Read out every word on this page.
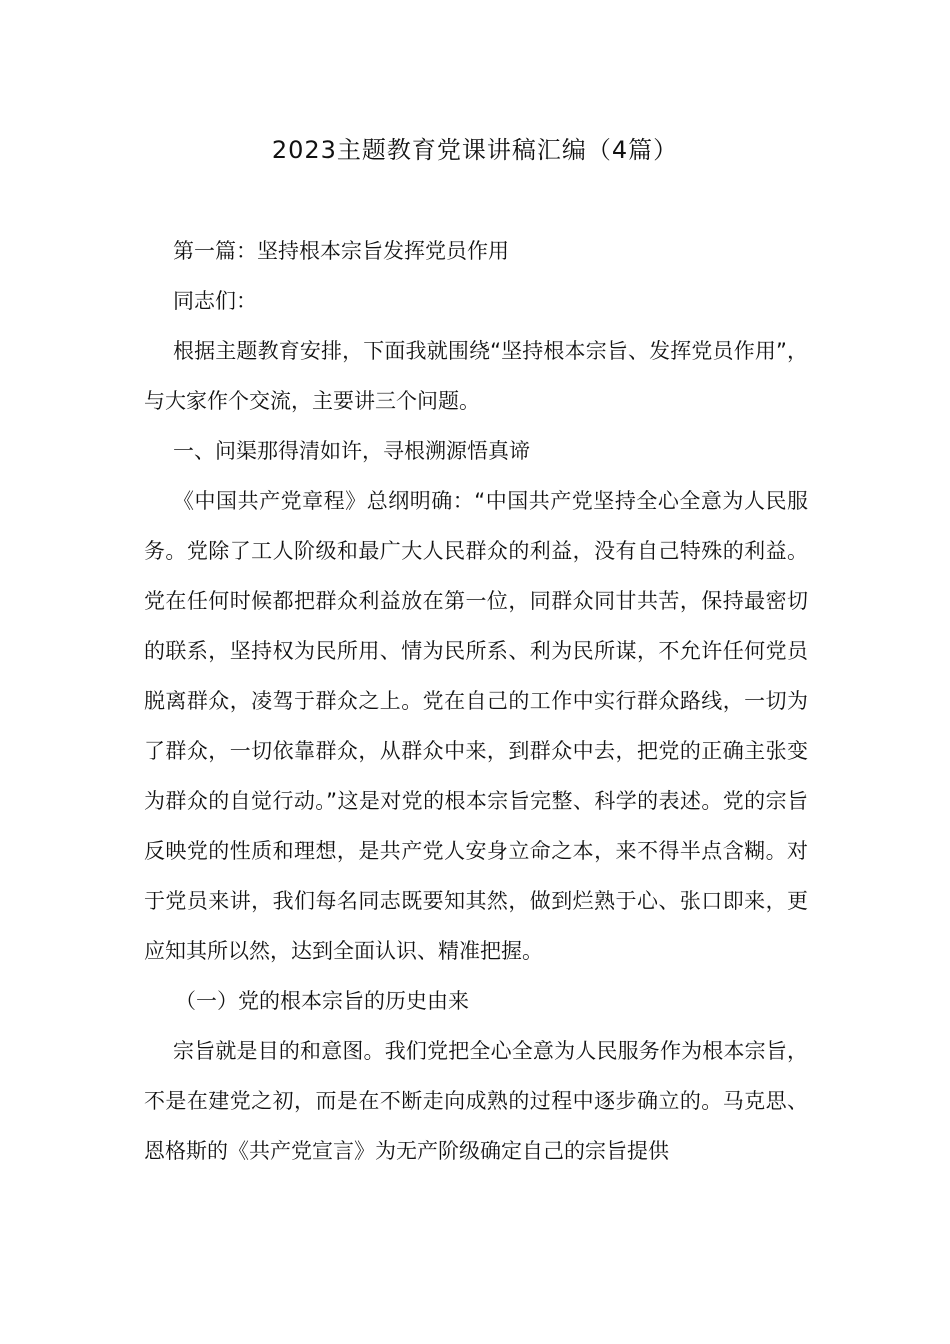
2023主题教育党课讲稿汇编（4篇）

第一篇：坚持根本宗旨发挥党员作用

同志们：

根据主题教育安排，下面我就围绕“坚持根本宗旨、发挥党员作用”，与大家作个交流，主要讲三个问题。

一、问渠那得清如许，寻根溯源悟真谛

《中国共产党章程》总纲明确：“中国共产党坚持全心全意为人民服务。党除了工人阶级和最广大人民群众的利益，没有自己特殊的利益。党在任何时候都把群众利益放在第一位，同群众同甘共苦，保持最密切的联系，坚持权为民所用、情为民所系、利为民所谋，不允许任何党员脱离群众，凌驾于群众之上。党在自己的工作中实行群众路线，一切为了群众，一切依靠群众，从群众中来，到群众中去，把党的正确主张变为群众的自觉行动。”这是对党的根本宗旨完整、科学的表述。党的宗旨反映党的性质和理想，是共产党人安身立命之本，来不得半点含糊。对于党员来讲，我们每名同志既要知其然，做到烂熟于心、张口即来，更应知其所以然，达到全面认识、精准把握。

（一）党的根本宗旨的历史由来

宗旨就是目的和意图。我们党把全心全意为人民服务作为根本宗旨，不是在建党之初，而是在不断走向成熟的过程中逐步确立的。马克思、恩格斯的《共产党宣言》为无产阶级确定自己的宗旨提供
